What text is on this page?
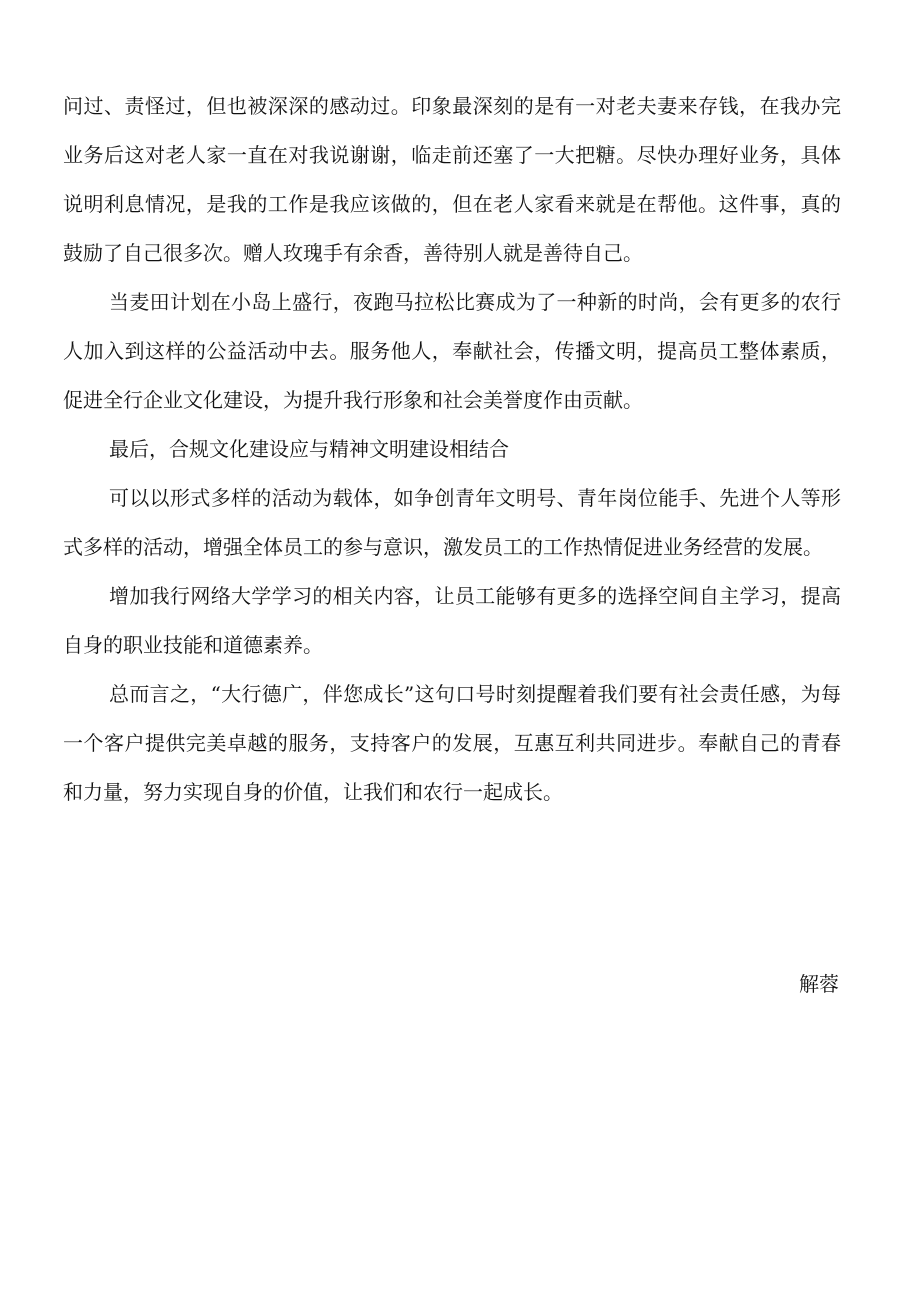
问过、责怪过，但也被深深的感动过。印象最深刻的是有一对老夫妻来存钱，在我办完业务后这对老人家一直在对我说谢谢，临走前还塞了一大把糖。尽快办理好业务，具体说明利息情况，是我的工作是我应该做的，但在老人家看来就是在帮他。这件事，真的鼓励了自己很多次。赠人玫瑰手有余香，善待别人就是善待自己。

当麦田计划在小岛上盛行，夜跑马拉松比赛成为了一种新的时尚，会有更多的农行人加入到这样的公益活动中去。服务他人，奉献社会，传播文明，提高员工整体素质，促进全行企业文化建设，为提升我行形象和社会美誉度作由贡献。

最后，合规文化建设应与精神文明建设相结合

可以以形式多样的活动为载体，如争创青年文明号、青年岗位能手、先进个人等形式多样的活动，增强全体员工的参与意识，激发员工的工作热情促进业务经营的发展。

增加我行网络大学学习的相关内容，让员工能够有更多的选择空间自主学习，提高自身的职业技能和道德素养。

总而言之，“大行德广，伴您成长”这句口号时刻提醒着我们要有社会责任感，为每一个客户提供完美卓越的服务，支持客户的发展，互惠互利共同进步。奉献自己的青春和力量，努力实现自身的价值，让我们和农行一起成长。

解蓉
